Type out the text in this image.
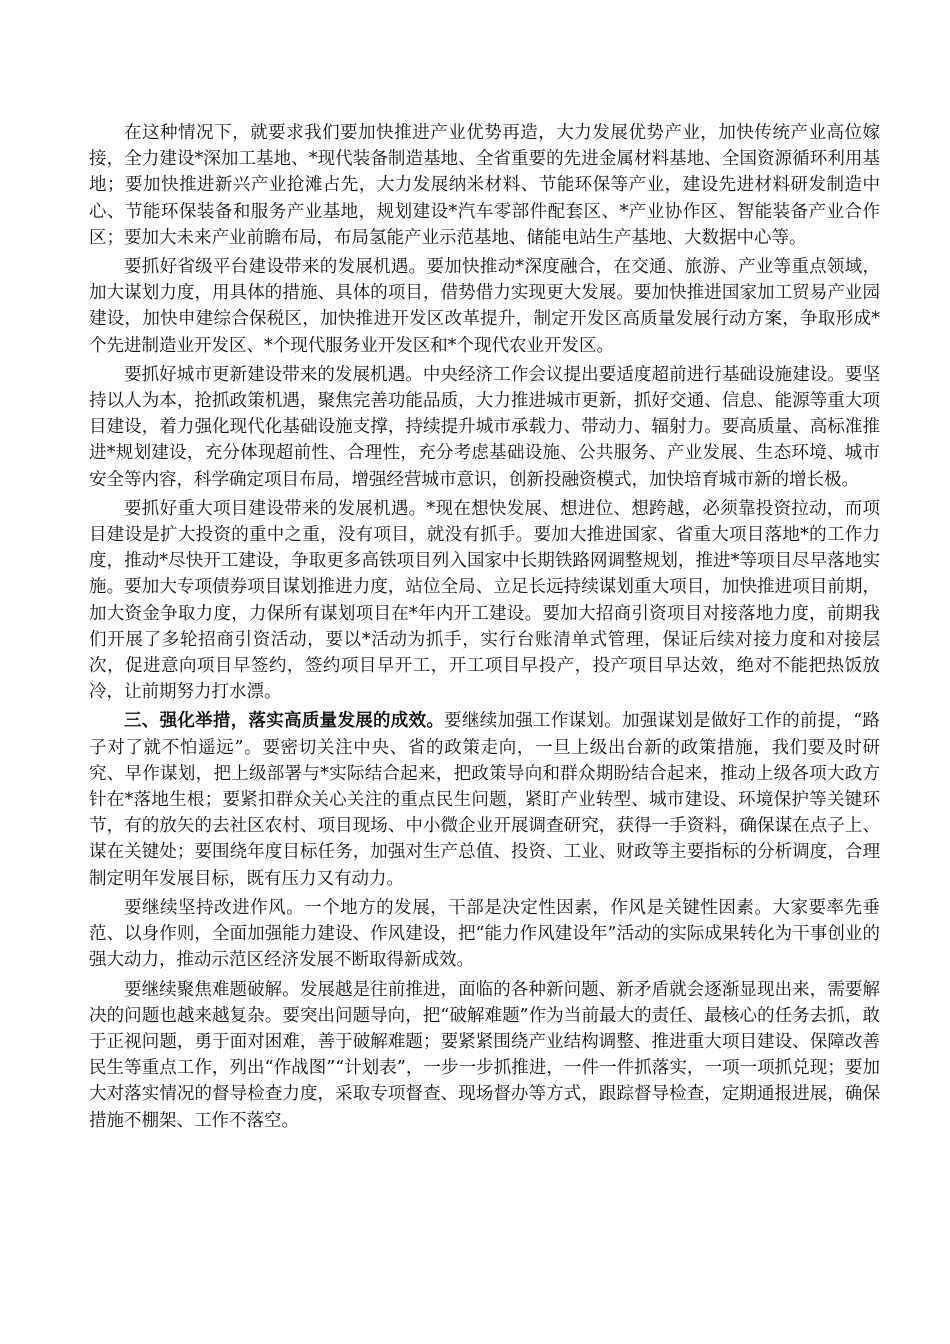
在这种情况下，就要求我们要加快推进产业优势再造，大力发展优势产业，加快传统产业高位嫁接，全力建设*深加工基地、*现代装备制造基地、全省重要的先进金属材料基地、全国资源循环利用基地；要加快推进新兴产业抢滩占先，大力发展纳米材料、节能环保等产业，建设先进材料研发制造中心、节能环保装备和服务产业基地，规划建设*汽车零部件配套区、*产业协作区、智能装备产业合作区；要加大未来产业前瞻布局，布局氢能产业示范基地、储能电站生产基地、大数据中心等。

要抓好省级平台建设带来的发展机遇。要加快推动*深度融合，在交通、旅游、产业等重点领域，加大谋划力度，用具体的措施、具体的项目，借势借力实现更大发展。要加快推进国家加工贸易产业园建设，加快申建综合保税区，加快推进开发区改革提升，制定开发区高质量发展行动方案，争取形成*个先进制造业开发区、*个现代服务业开发区和*个现代农业开发区。

要抓好城市更新建设带来的发展机遇。中央经济工作会议提出要适度超前进行基础设施建设。要坚持以人为本，抢抓政策机遇，聚焦完善功能品质，大力推进城市更新，抓好交通、信息、能源等重大项目建设，着力强化现代化基础设施支撑，持续提升城市承载力、带动力、辐射力。要高质量、高标准推进*规划建设，充分体现超前性、合理性，充分考虑基础设施、公共服务、产业发展、生态环境、城市安全等内容，科学确定项目布局，增强经营城市意识，创新投融资模式，加快培育城市新的增长极。

要抓好重大项目建设带来的发展机遇。*现在想快发展、想进位、想跨越，必须靠投资拉动，而项目建设是扩大投资的重中之重，没有项目，就没有抓手。要加大推进国家、省重大项目落地*的工作力度，推动*尽快开工建设，争取更多高铁项目列入国家中长期铁路网调整规划，推进*等项目尽早落地实施。要加大专项债券项目谋划推进力度，站位全局、立足长远持续谋划重大项目，加快推进项目前期，加大资金争取力度，力保所有谋划项目在*年内开工建设。要加大招商引资项目对接落地力度，前期我们开展了多轮招商引资活动，要以*活动为抓手，实行台账清单式管理，保证后续对接力度和对接层次，促进意向项目早签约，签约项目早开工，开工项目早投产，投产项目早达效，绝对不能把热饭放冷，让前期努力打水漂。

三、强化举措，落实高质量发展的成效。要继续加强工作谋划。加强谋划是做好工作的前提，“路子对了就不怕遥远”。要密切关注中央、省的政策走向，一旦上级出台新的政策措施，我们要及时研究、早作谋划，把上级部署与*实际结合起来，把政策导向和群众期盼结合起来，推动上级各项大政方针在*落地生根；要紧扣群众关心关注的重点民生问题，紧盯产业转型、城市建设、环境保护等关键环节，有的放矢的去社区农村、项目现场、中小微企业开展调查研究，获得一手资料，确保谋在点子上、谋在关键处；要围绕年度目标任务，加强对生产总值、投资、工业、财政等主要指标的分析调度，合理制定明年发展目标，既有压力又有动力。

要继续坚持改进作风。一个地方的发展，干部是决定性因素，作风是关键性因素。大家要率先垂范、以身作则，全面加强能力建设、作风建设，把“能力作风建设年”活动的实际成果转化为干事创业的强大动力，推动示范区经济发展不断取得新成效。

要继续聚焦难题破解。发展越是往前推进，面临的各种新问题、新矛盾就会逐渐显现出来，需要解决的问题也越来越复杂。要突出问题导向，把“破解难题”作为当前最大的责任、最核心的任务去抓，敢于正视问题，勇于面对困难，善于破解难题；要紧紧围绕产业结构调整、推进重大项目建设、保障改善民生等重点工作，列出“作战图”“计划表”，一步一步抓推进，一件一件抓落实，一项一项抓兑现；要加大对落实情况的督导检查力度，采取专项督查、现场督办等方式，跟踪督导检查，定期通报进展，确保措施不棚架、工作不落空。
